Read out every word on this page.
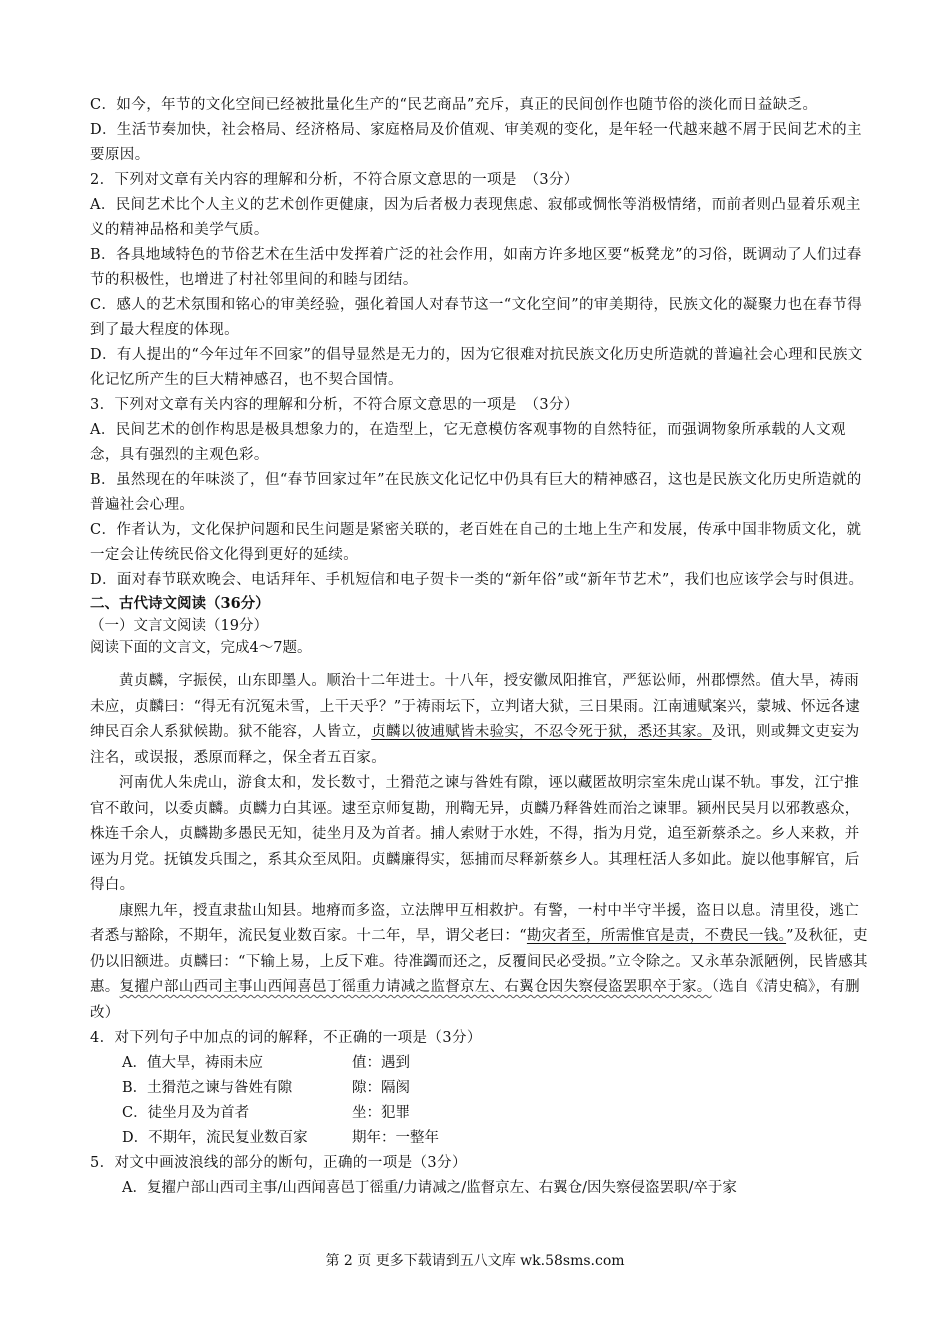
C．如今，年节的文化空间已经被批量化生产的“民艺商品”充斥，真正的民间创作也随节俗的淡化而日益缺乏。

D．生活节奏加快，社会格局、经济格局、家庭格局及价值观、审美观的变化，是年轻一代越来越不屑于民间艺术的主要原因。

2．下列对文章有关内容的理解和分析，不符合原文意思的一项是　（3分）

A．民间艺术比个人主义的艺术创作更健康，因为后者极力表现焦虑、寂郁或惆怅等消极情绪，而前者则凸显着乐观主义的精神品格和美学气质。

B．各具地域特色的节俗艺术在生活中发挥着广泛的社会作用，如南方许多地区要“板凳龙”的习俗，既调动了人们过春节的积极性，也增进了村社邻里间的和睦与团结。

C．感人的艺术氛围和铭心的审美经验，强化着国人对春节这一“文化空间”的审美期待，民族文化的凝聚力也在春节得到了最大程度的体现。

D．有人提出的“今年过年不回家”的倡导显然是无力的，因为它很难对抗民族文化历史所造就的普遍社会心理和民族文化记忆所产生的巨大精神感召，也不契合国情。

3．下列对文章有关内容的理解和分析，不符合原文意思的一项是　（3分）

A．民间艺术的创作构思是极具想象力的，在造型上，它无意模仿客观事物的自然特征，而强调物象所承载的人文观念，具有强烈的主观色彩。

B．虽然现在的年味淡了，但“春节回家过年”在民族文化记忆中仍具有巨大的精神感召，这也是民族文化历史所造就的普遍社会心理。

C．作者认为，文化保护问题和民生问题是紧密关联的，老百姓在自己的土地上生产和发展，传承中国非物质文化，就一定会让传统民俗文化得到更好的延续。

D．面对春节联欢晚会、电话拜年、手机短信和电子贺卡一类的“新年俗”或“新年节艺术”，我们也应该学会与时俱进。

二、古代诗文阅读（36分）

（一）文言文阅读（19分）

阅读下面的文言文，完成4～7题。

黄贞麟，字振侯，山东即墨人。顺治十二年进士。十八年，授安徽凤阳推官，严惩讼师，州郡慓然。值大旱，祷雨未应，贞麟曰：“得无有沉冤未雪，上干天乎？”于祷雨坛下，立判诸大狱，三日果雨。江南逋赋案兴，蒙城、怀远各逮绅民百余人系狱候勘。狱不能容，人皆立，贞麟以彼逋赋皆未验实，不忍令死于狱，悉还其家。及讯，则或舞文吏妄为注名，或误报，悉原而释之，保全者五百家。

河南优人朱虎山，游食太和，发长数寸，土猾范之谏与昝姓有隙，诬以藏匿故明宗室朱虎山谋不轨。事发，江宁推官不敢问，以委贞麟。贞麟力白其诬。逮至京师复勘，刑鞫无异，贞麟乃释昝姓而治之谏罪。颍州民吴月以邪教惑众，株连千余人，贞麟勘多愚民无知，徒坐月及为首者。捕人索财于水姓，不得，指为月党，追至新蔡杀之。乡人来救，并诬为月党。抚镇发兵围之，系其众至凤阳。贞麟廉得实，惩捕而尽释新蔡乡人。其理枉活人多如此。旋以他事解官，后得白。

康熙九年，授直隶盐山知县。地瘠而多盗，立法牌甲互相救护。有警，一村中半守半援，盗日以息。清里役，逃亡者悉与豁除，不期年，流民复业数百家。十二年，旱，谓父老曰：“勘灾者至，所需惟官是责，不费民一钱。”及秋征，吏仍以旧额进。贞麟曰：“下输上易，上反下难。待准蠲而还之，反覆间民必受损。”立令除之。又永革杂派陋例，民皆感其惠。复擢户部山西司主事山西闻喜邑丁徭重力请减之监督京左、右翼仓因失察侵盗罢职卒于家。（选自《清史稿》，有删改）

4．对下列句子中加点的词的解释，不正确的一项是（3分）

A．值大旱，祷雨未应	值：遇到

B．土猾范之谏与昝姓有隙	隙：隔阂

C．徒坐月及为首者	坐：犯罪

D．不期年，流民复业数百家	期年：一整年

5．对文中画波浪线的部分的断句，正确的一项是（3分）

A．复擢户部山西司主事/山西闻喜邑丁徭重/力请减之/监督京左、右翼仓/因失察侵盗罢职/卒于家

第 2 页 更多下载请到五八文库 wk.58sms.com
